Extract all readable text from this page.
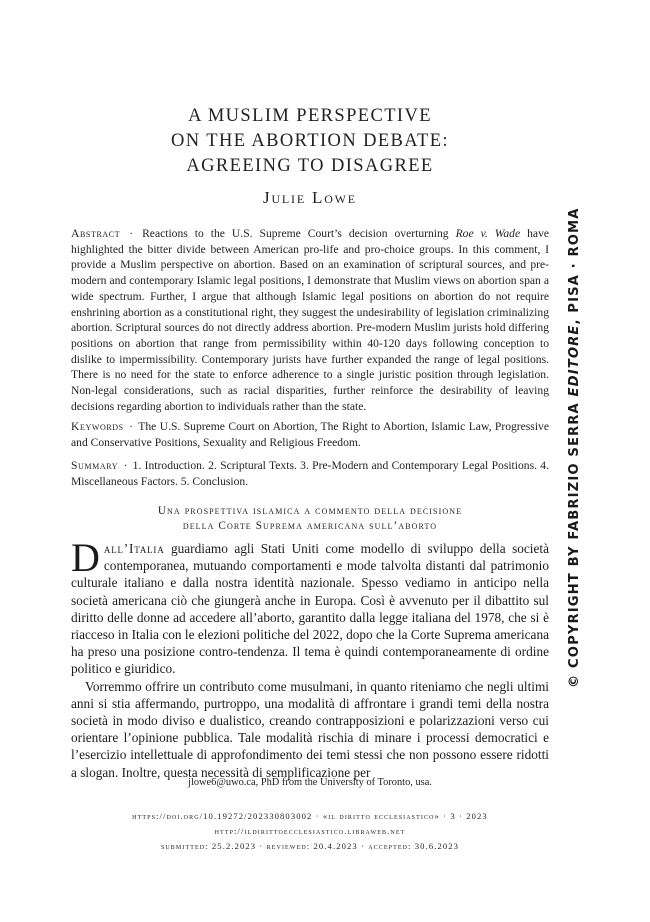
A MUSLIM PERSPECTIVE
ON THE ABORTION DEBATE:
AGREEING TO DISAGREE
Julie Lowe
Abstract · Reactions to the U.S. Supreme Court’s decision overturning Roe v. Wade have highlighted the bitter divide between American pro-life and pro-choice groups. In this comment, I provide a Muslim perspective on abortion. Based on an examination of scriptural sources, and pre-modern and contemporary Islamic legal positions, I demonstrate that Muslim views on abortion span a wide spectrum. Further, I argue that although Islamic legal positions on abortion do not require enshrining abortion as a constitutional right, they suggest the undesirability of legislation criminalizing abortion. Scriptural sources do not directly address abortion. Pre-modern Muslim jurists hold differing positions on abortion that range from permissibility within 40-120 days following conception to dislike to impermissibility. Contemporary jurists have further expanded the range of legal positions. There is no need for the state to enforce adherence to a single juristic position through legislation. Non-legal considerations, such as racial disparities, further reinforce the desirability of leaving decisions regarding abortion to individuals rather than the state.
Keywords · The U.S. Supreme Court on Abortion, The Right to Abortion, Islamic Law, Progressive and Conservative Positions, Sexuality and Religious Freedom.
Summary · 1. Introduction. 2. Scriptural Texts. 3. Pre-Modern and Contemporary Legal Positions. 4. Miscellaneous Factors. 5. Conclusion.
Una prospettiva islamica a commento della decisione
della Corte Suprema americana sull’aborto

Dall’Italia guardiamo agli Stati Uniti come modello di sviluppo della società contemporanea, mutuando comportamenti e mode talvolta distanti dal patrimonio culturale italiano e dalla nostra identità nazionale. Spesso vediamo in anticipo nella società americana ciò che giungerà anche in Europa. Così è avvenuto per il dibattito sul diritto delle donne ad accedere all’aborto, garantito dalla legge italiana del 1978, che si è riacceso in Italia con le elezioni politiche del 2022, dopo che la Corte Suprema americana ha preso una posizione contro-tendenza. Il tema è quindi contemporaneamente di ordine politico e giuridico.

Vorremmo offrire un contributo come musulmani, in quanto riteniamo che negli ultimi anni si stia affermando, purtroppo, una modalità di affrontare i grandi temi della nostra società in modo diviso e dualistico, creando contrapposizioni e polarizzazioni verso cui orientare l’opinione pubblica. Tale modalità rischia di minare i processi democratici e l’esercizio intellettuale di approfondimento dei temi stessi che non possono essere ridotti a slogan. Inoltre, questa necessità di semplificazione per

jlowe6@uwo.ca, PhD from the University of Toronto, usa.
https://doi.org/10.19272/202330803002 · «il diritto ecclesiastico» · 3 · 2023
http://ildirittoecclesiastico.libraweb.net
submitted: 25.2.2023 · reviewed: 20.4.2023 · accepted: 30.6.2023
© COPYRIGHT BY FABRIZIO SERRA EDITORE, PISA · ROMA
